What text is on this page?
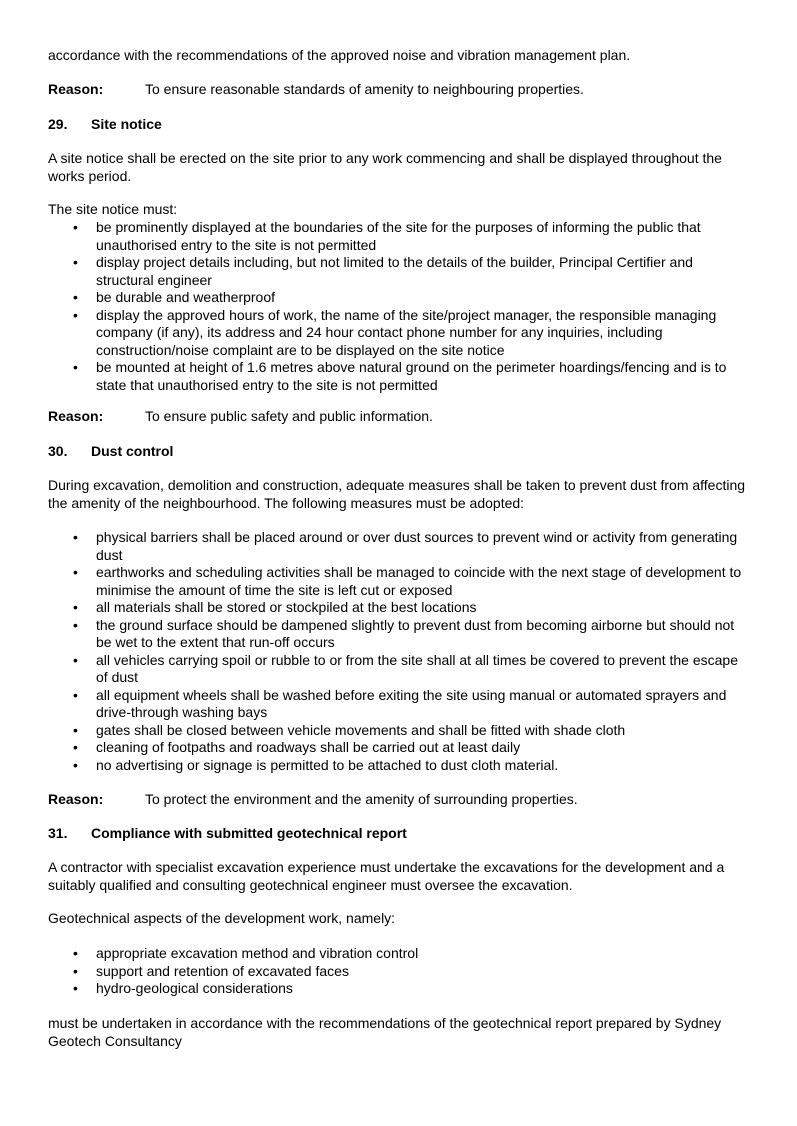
accordance with the recommendations of the approved noise and vibration management plan.

Reason:	To ensure reasonable standards of amenity to neighbouring properties.
29. Site notice

A site notice shall be erected on the site prior to any work commencing and shall be displayed throughout the works period.

The site notice must:

• be prominently displayed at the boundaries of the site for the purposes of informing the public that unauthorised entry to the site is not permitted
• display project details including, but not limited to the details of the builder, Principal Certifier and structural engineer
• be durable and weatherproof
• display the approved hours of work, the name of the site/project manager, the responsible managing company (if any), its address and 24 hour contact phone number for any inquiries, including construction/noise complaint are to be displayed on the site notice
• be mounted at height of 1.6 metres above natural ground on the perimeter hoardings/fencing and is to state that unauthorised entry to the site is not permitted
Reason:	To ensure public safety and public information.
30. Dust control

During excavation, demolition and construction, adequate measures shall be taken to prevent dust from affecting the amenity of the neighbourhood. The following measures must be adopted:

• physical barriers shall be placed around or over dust sources to prevent wind or activity from generating dust
• earthworks and scheduling activities shall be managed to coincide with the next stage of development to minimise the amount of time the site is left cut or exposed
• all materials shall be stored or stockpiled at the best locations
• the ground surface should be dampened slightly to prevent dust from becoming airborne but should not be wet to the extent that run-off occurs
• all vehicles carrying spoil or rubble to or from the site shall at all times be covered to prevent the escape of dust
• all equipment wheels shall be washed before exiting the site using manual or automated sprayers and drive-through washing bays
• gates shall be closed between vehicle movements and shall be fitted with shade cloth
• cleaning of footpaths and roadways shall be carried out at least daily
• no advertising or signage is permitted to be attached to dust cloth material.
Reason:	To protect the environment and the amenity of surrounding properties.
31. Compliance with submitted geotechnical report

A contractor with specialist excavation experience must undertake the excavations for the development and a suitably qualified and consulting geotechnical engineer must oversee the excavation.

Geotechnical aspects of the development work, namely:

• appropriate excavation method and vibration control
• support and retention of excavated faces
• hydro-geological considerations

must be undertaken in accordance with the recommendations of the geotechnical report prepared by Sydney Geotech Consultancy
